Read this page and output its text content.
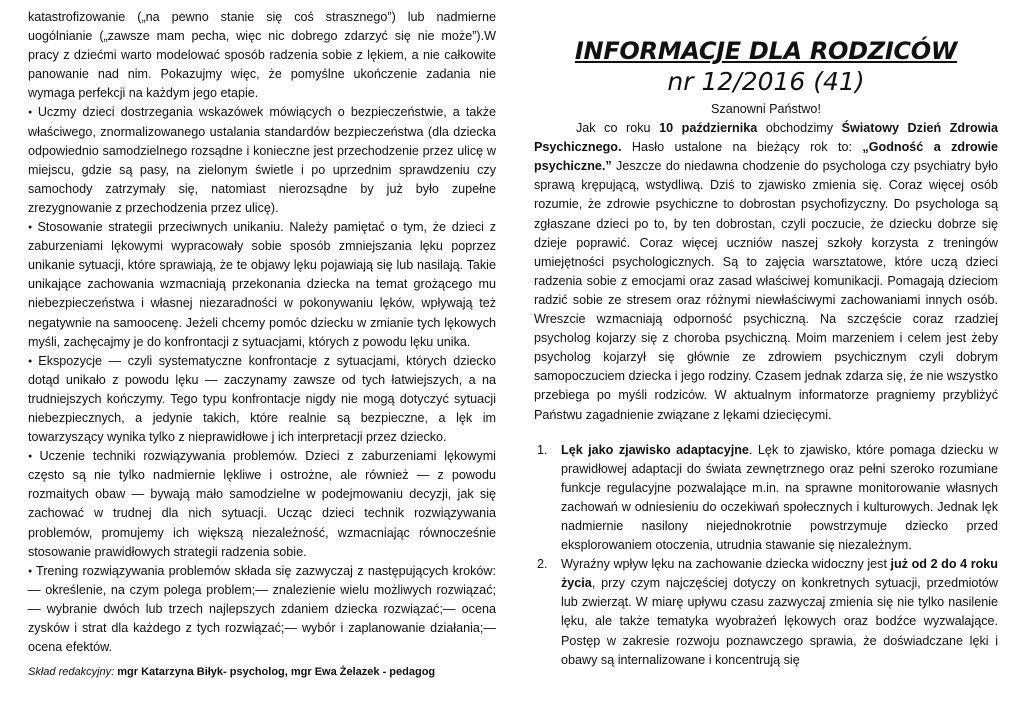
katastrofizowanie („na pewno stanie się coś strasznego”) lub nadmierne uogólnianie („zawsze mam pecha, więc nic dobrego zdarzyć się nie może”).W pracy z dziećmi warto modelować sposób radzenia sobie z lękiem, a nie całkowite panowanie nad nim. Pokazujmy więc, że pomyślne ukończenie zadania nie wymaga perfekcji na każdym jego etapie.

● Uczmy dzieci dostrzegania wskazówek mówiących o bezpieczeństwie, a także właściwego, znormalizowanego ustalania standardów bezpieczeństwa (dla dziecka odpowiednio samodzielnego rozsądne i konieczne jest przechodzenie przez ulicę w miejscu, gdzie są pasy, na zielonym świetle i po uprzednim sprawdzeniu czy samochody zatrzymały się, natomiast nierozsądne by już było zupełne zrezygnowanie z przechodzenia przez ulicę).

● Stosowanie strategii przeciwnych unikaniu. Należy pamiętać o tym, że dzieci z zaburzeniami lękowymi wypracowały sobie sposób zmniejszania lęku poprzez unikanie sytuacji, które sprawiają, że te objawy lęku pojawiają się lub nasilają. Takie unikające zachowania wzmacniają przekonania dziecka na temat grożącego mu niebezpieczeństwa i własnej niezaradności w pokonywaniu lęków, wpływają też negatywnie na samoocenę. Jeżeli chcemy pomóc dziecku w zmianie tych lękowych myśli, zachęcajmy je do konfrontacji z sytuacjami, których z powodu lęku unika.

● Ekspozycje — czyli systematyczne konfrontacje z sytuacjami, których dziecko dotąd unikało z powodu lęku — zaczynamy zawsze od tych łatwiejszych, a na trudniejszych kończymy. Tego typu konfrontacje nigdy nie mogą dotyczyć sytuacji niebezpiecznych, a jedynie takich, które realnie są bezpieczne, a lęk im towarzyszący wynika tylko z nieprawidłowe j ich interpretacji przez dziecko.

● Uczenie techniki rozwiązywania problemów. Dzieci z zaburzeniami lękowymi często są nie tylko nadmiernie lękliwe i ostrożne, ale również — z powodu rozmaitych obaw — bywają mało samodzielne w podejmowaniu decyzji, jak się zachować w trudnej dla nich sytuacji. Ucząc dzieci technik rozwiązywania problemów, promujemy ich większą niezależność, wzmacniając równocześnie stosowanie prawidłowych strategii radzenia sobie.

● Trening rozwiązywania problemów składa się zazwyczaj z następujących kroków:— określenie, na czym polega problem;— znalezienie wielu możliwych rozwiązać;— wybranie dwóch lub trzech najlepszych zdaniem dziecka rozwiązać;— ocena zysków i strat dla każdego z tych rozwiązać;— wybór i zaplanowanie działania;— ocena efektów.

Skład redakcyjny: mgr Katarzyna Biłyk- psycholog, mgr Ewa Żelazek - pedagog
INFORMACJE DLA RODZICÓW
nr 12/2016 (41)

Szanowni Państwo!

Jak co roku 10 października obchodzimy Światowy Dzień Zdrowia Psychicznego. Hasło ustalone na bieżący rok to: „Godność a zdrowie psychiczne.” Jeszcze do niedawna chodzenie do psychologa czy psychiatry było sprawą krępującą, wstydliwą. Dziś to zjawisko zmienia się. Coraz więcej osób rozumie, że zdrowie psychiczne to dobrostan psychofizyczny. Do psychologa są zgłaszane dzieci po to, by ten dobrostan, czyli poczucie, że dziecku dobrze się dzieje poprawić. Coraz więcej uczniów naszej szkoły korzysta z treningów umiejętności psychologicznych. Są to zajęcia warsztatowe, które uczą dzieci radzenia sobie z emocjami oraz zasad właściwej komunikacji. Pomagają dzieciom radzić sobie ze stresem oraz różnymi niewłaściwymi zachowaniami innych osób. Wreszcie wzmacniają odporność psychiczną. Na szczęście coraz rzadziej psycholog kojarzy się z choroba psychiczną. Moim marzeniem i celem jest żeby psycholog kojarzył się głównie ze zdrowiem psychicznym czyli dobrym samopoczuciem dziecka i jego rodziny. Czasem jednak zdarza się, że nie wszystko przebiega po myśli rodziców. W aktualnym informatorze pragniemy przybliżyć Państwu zagadnienie związane z lękami dziecięcymi.

1. Lęk jako zjawisko adaptacyjne. Lęk to zjawisko, które pomaga dziecku w prawidłowej adaptacji do świata zewnętrznego oraz pełni szeroko rozumiane funkcje regulacyjne pozwalające m.in. na sprawne monitorowanie własnych zachowań w odniesieniu do oczekiwań społecznych i kulturowych. Jednak lęk nadmiernie nasilony niejednokrotnie powstrzymuje dziecko przed eksplorowaniem otoczenia, utrudnia stawanie się niezależnym.
2. Wyraźny wpływ lęku na zachowanie dziecka widoczny jest już od 2 do 4 roku życia, przy czym najczęściej dotyczy on konkretnych sytuacji, przedmiotów lub zwierząt. W miarę upływu czasu zazwyczaj zmienia się nie tylko nasilenie lęku, ale także tematyka wyobrażeń lękowych oraz bodźce wyzwalające. Postęp w zakresie rozwoju poznawczego sprawia, że doświadczane lęki i obawy są internalizowane i koncentrują się
